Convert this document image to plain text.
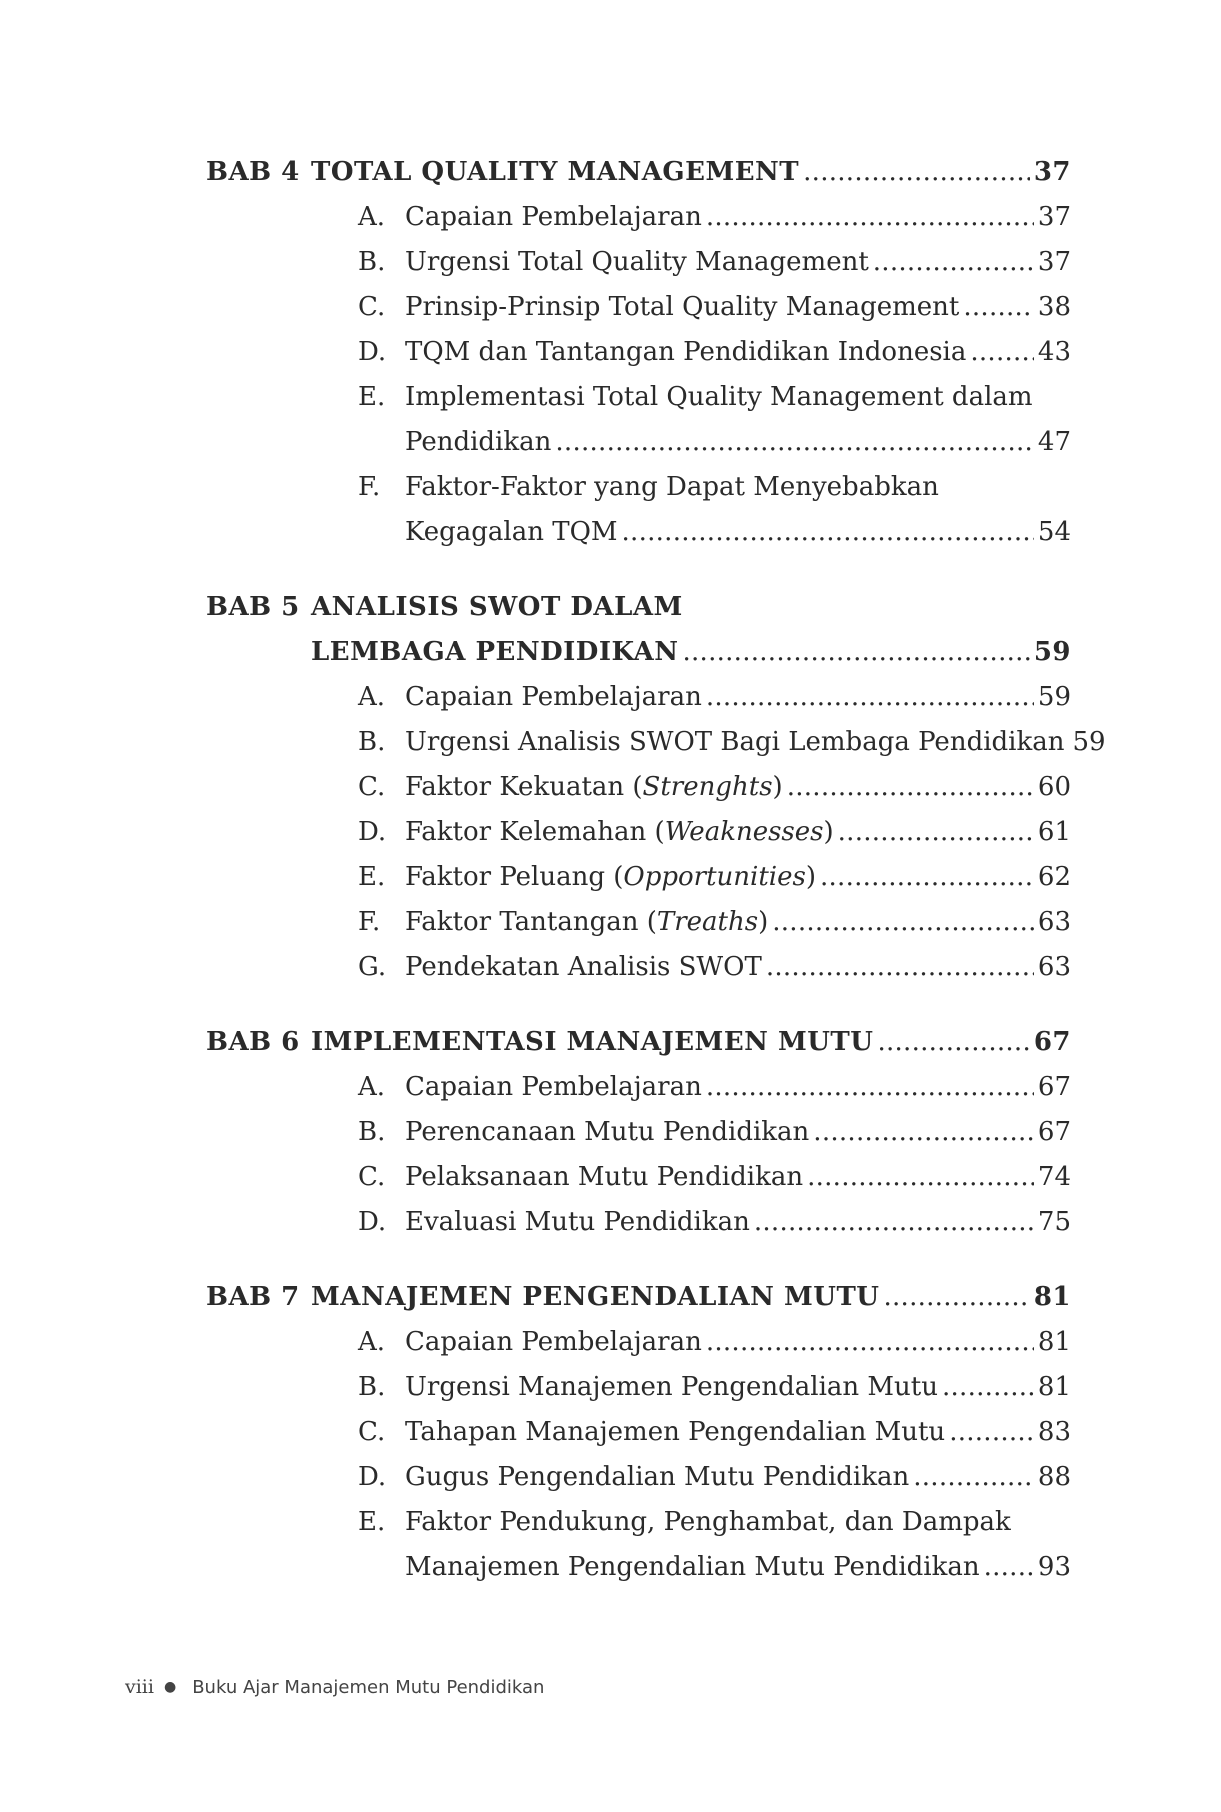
BAB 4 TOTAL QUALITY MANAGEMENT . . .	37
A. Capaian Pembelajaran . . .	37
B. Urgensi Total Quality Management . . .	37
C. Prinsip-Prinsip Total Quality Management . . .	38
D. TQM dan Tantangan Pendidikan Indonesia . . .	43
E. Implementasi Total Quality Management dalam
Pendidikan . . .	47
F. Faktor-Faktor yang Dapat Menyebabkan
Kegagalan TQM . . .	54
BAB 5 ANALISIS SWOT DALAM
LEMBAGA PENDIDIKAN . . .	59
A. Capaian Pembelajaran . . .	59
B. Urgensi Analisis SWOT Bagi Lembaga Pendidikan 59
C. Faktor Kekuatan (Strenghts) . . .	60
D. Faktor Kelemahan (Weaknesses) . . .	61
E. Faktor Peluang (Opportunities) . . .	62
F. Faktor Tantangan (Treaths) . . .	63
G. Pendekatan Analisis SWOT . . .	63
BAB 6 IMPLEMENTASI MANAJEMEN MUTU . . .	67
A. Capaian Pembelajaran . . .	67
B. Perencanaan Mutu Pendidikan . . .	67
C. Pelaksanaan Mutu Pendidikan . . .	74
D. Evaluasi Mutu Pendidikan . . .	75
BAB 7 MANAJEMEN PENGENDALIAN MUTU . . .	81
A. Capaian Pembelajaran . . .	81
B. Urgensi Manajemen Pengendalian Mutu . . .	81
C. Tahapan Manajemen Pengendalian Mutu . . .	83
D. Gugus Pengendalian Mutu Pendidikan . . .	88
E. Faktor Pendukung, Penghambat, dan Dampak
Manajemen Pengendalian Mutu Pendidikan . . . 93
viii ● Buku Ajar Manajemen Mutu Pendidikan
